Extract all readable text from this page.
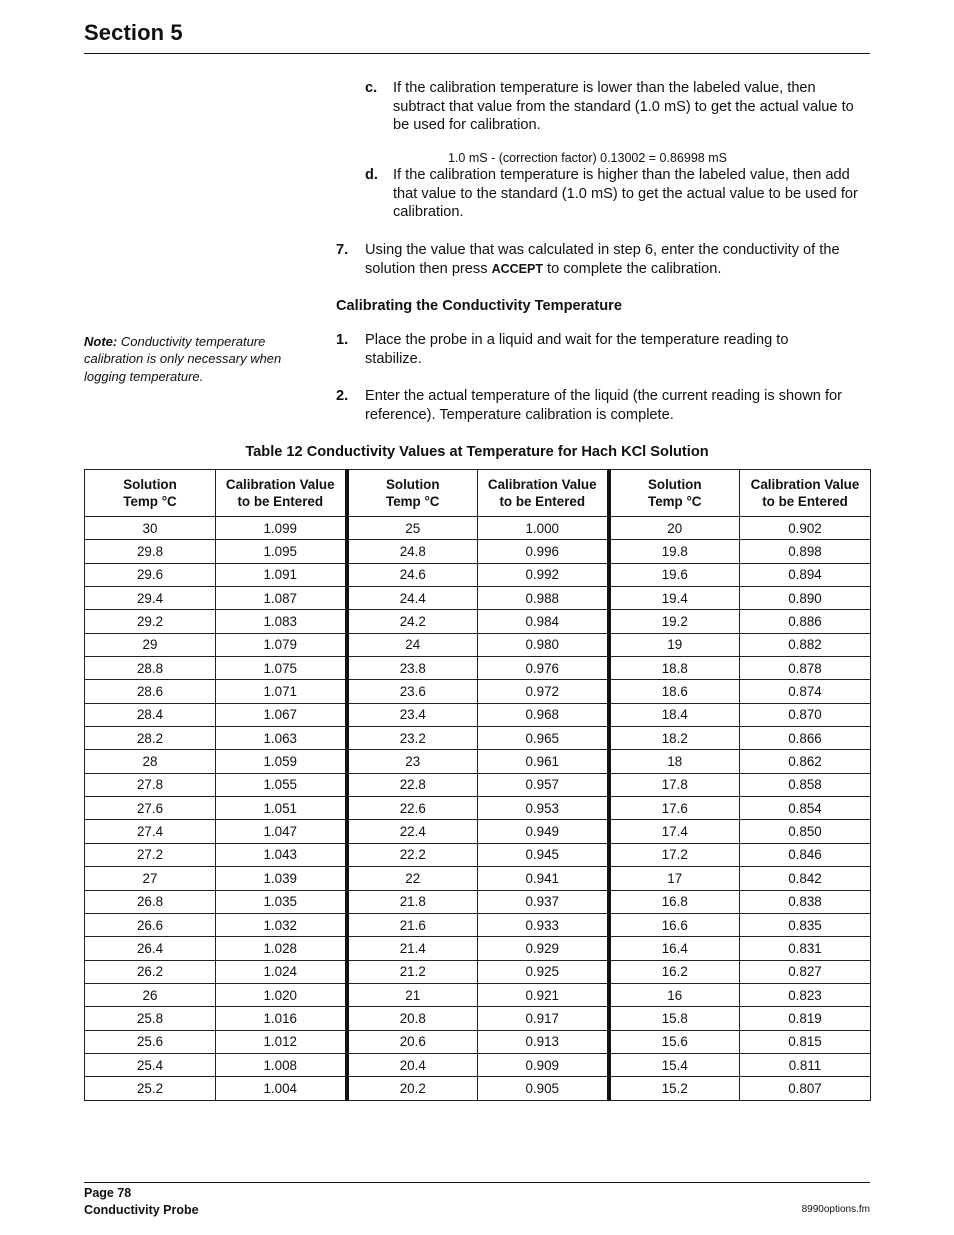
Section 5
c.	If the calibration temperature is lower than the labeled value, then subtract that value from the standard (1.0 mS) to get the actual value to be used for calibration.
1.0 mS - (correction factor) 0.13002 = 0.86998 mS
d.	If the calibration temperature is higher than the labeled value, then add that value to the standard (1.0 mS) to get the actual value to be used for calibration.
7.	Using the value that was calculated in step 6, enter the conductivity of the solution then press ACCEPT to complete the calibration.
Calibrating the Conductivity Temperature
Note: Conductivity temperature calibration is only necessary when logging temperature.
1.	Place the probe in a liquid and wait for the temperature reading to stabilize.
2.	Enter the actual temperature of the liquid (the current reading is shown for reference). Temperature calibration is complete.
Table 12 Conductivity Values at Temperature for Hach KCl Solution
Solution
Temp °C	Calibration Value
to be Entered	Solution
Temp °C	Calibration Value
to be Entered	Solution
Temp °C	Calibration Value
to be Entered
30	1.099	25	1.000	20	0.902
29.8	1.095	24.8	0.996	19.8	0.898
29.6	1.091	24.6	0.992	19.6	0.894
29.4	1.087	24.4	0.988	19.4	0.890
29.2	1.083	24.2	0.984	19.2	0.886
29	1.079	24	0.980	19	0.882
28.8	1.075	23.8	0.976	18.8	0.878
28.6	1.071	23.6	0.972	18.6	0.874
28.4	1.067	23.4	0.968	18.4	0.870
28.2	1.063	23.2	0.965	18.2	0.866
28	1.059	23	0.961	18	0.862
27.8	1.055	22.8	0.957	17.8	0.858
27.6	1.051	22.6	0.953	17.6	0.854
27.4	1.047	22.4	0.949	17.4	0.850
27.2	1.043	22.2	0.945	17.2	0.846
27	1.039	22	0.941	17	0.842
26.8	1.035	21.8	0.937	16.8	0.838
26.6	1.032	21.6	0.933	16.6	0.835
26.4	1.028	21.4	0.929	16.4	0.831
26.2	1.024	21.2	0.925	16.2	0.827
26	1.020	21	0.921	16	0.823
25.8	1.016	20.8	0.917	15.8	0.819
25.6	1.012	20.6	0.913	15.6	0.815
25.4	1.008	20.4	0.909	15.4	0.811
25.2	1.004	20.2	0.905	15.2	0.807
Page 78
Conductivity Probe	8990options.fm
